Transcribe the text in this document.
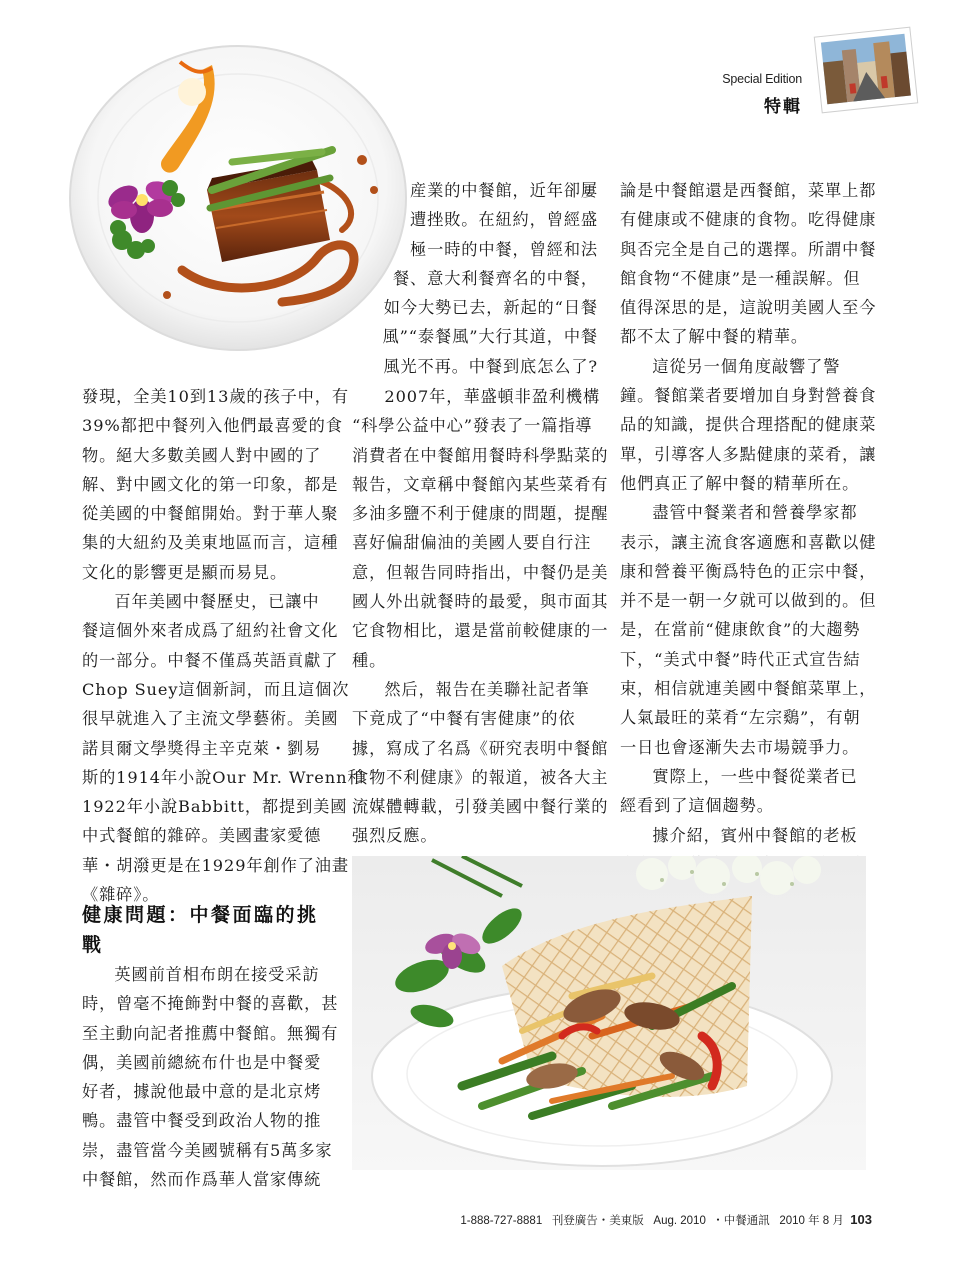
Special Edition
特輯
産業的中餐館，近年卻屢
遭挫敗。在紐約，曾經盛
極一時的中餐，曾經和法
餐、意大利餐齊名的中餐，
如今大勢已去，新起的“日餐
風”“泰餐風”大行其道，中餐
風光不再。中餐到底怎么了?

發現，全美10到13歲的孩子中，有
39%都把中餐列入他們最喜愛的食
物。絕大多數美國人對中國的了
解、對中國文化的第一印象，都是
從美國的中餐館開始。對于華人聚
集的大紐約及美東地區而言，這種
文化的影響更是顯而易見。

百年美國中餐歷史，已讓中
餐這個外來者成爲了紐約社會文化
的一部分。中餐不僅爲英語貢獻了
Chop Suey這個新詞，而且這個次
很早就進入了主流文學藝術。美國
諾貝爾文學獎得主辛克萊・劉易
斯的1914年小說Our Mr. Wrenn和
1922年小說Babbitt，都提到美國
中式餐館的雜碎。美國畫家愛德
華・胡潑更是在1929年創作了油畫
《雜碎》。

健康問題：中餐面臨的挑戰

英國前首相布朗在接受采訪
時，曾毫不掩飾對中餐的喜歡，甚
至主動向記者推薦中餐館。無獨有
偶，美國前總統布什也是中餐愛
好者，據說他最中意的是北京烤
鴨。盡管中餐受到政治人物的推
崇，盡管當今美國號稱有5萬多家
中餐館，然而作爲華人當家傳統

2007年，華盛頓非盈利機構
“科學公益中心”發表了一篇指導
消費者在中餐館用餐時科學點菜的
報告，文章稱中餐館內某些菜肴有
多油多鹽不利于健康的問題，提醒
喜好偏甜偏油的美國人要自行注
意，但報告同時指出，中餐仍是美
國人外出就餐時的最愛，與市面其
它食物相比，還是當前較健康的一
種。

然后，報告在美聯社記者筆
下竟成了“中餐有害健康”的依
據，寫成了名爲《研究表明中餐館
食物不利健康》的報道，被各大主
流媒體轉載，引發美國中餐行業的
强烈反應。

論是中餐館還是西餐館，菜單上都
有健康或不健康的食物。吃得健康
與否完全是自己的選擇。所謂中餐
館食物“不健康”是一種誤解。但
值得深思的是，這說明美國人至今
都不太了解中餐的精華。

這從另一個角度敲響了警
鐘。餐館業者要增加自身對營養食
品的知識，提供合理搭配的健康菜
單，引導客人多點健康的菜肴，讓
他們真正了解中餐的精華所在。

盡管中餐業者和營養學家都
表示，讓主流食客適應和喜歡以健
康和營養平衡爲特色的正宗中餐，
并不是一朝一夕就可以做到的。但
是，在當前“健康飲食”的大趨勢
下，“美式中餐”時代正式宣告結
束，相信就連美國中餐館菜單上，
人氣最旺的菜肴“左宗鷄”，有朝
一日也會逐漸失去市場競爭力。

實際上，一些中餐從業者已
經看到了這個趨勢。

據介紹，賓州中餐館的老板

1-888-727-8881 刊登廣告・美東版 Aug. 2010 ・中餐通訊 2010 年 8 月 103
